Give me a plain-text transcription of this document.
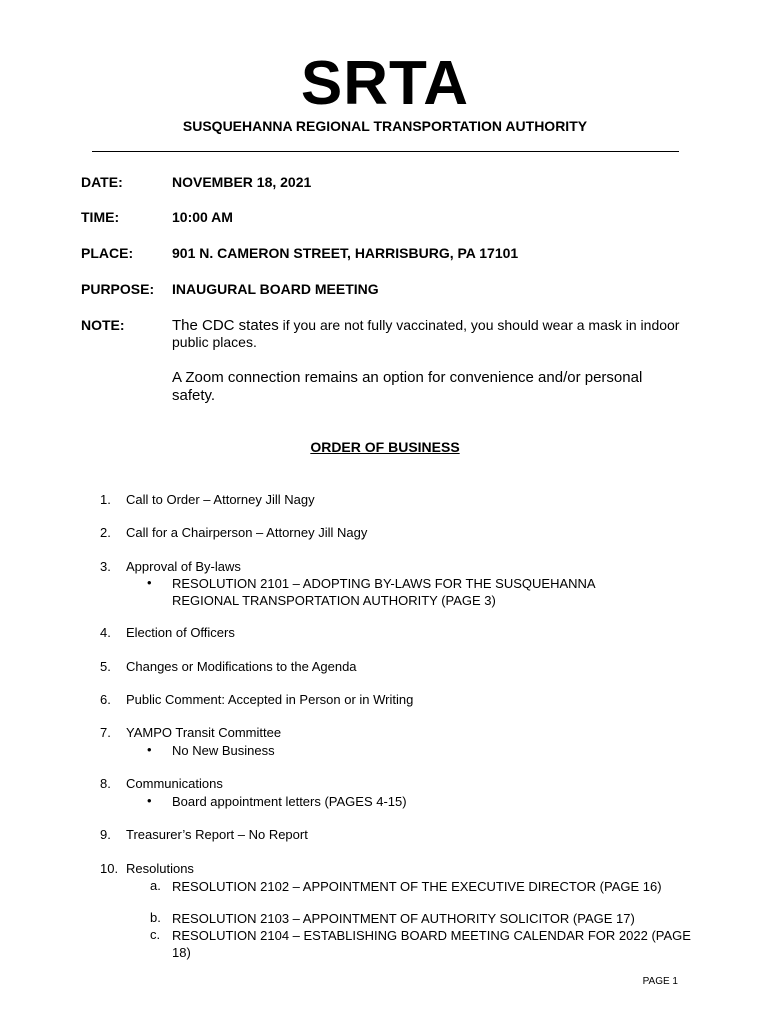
SRTA
SUSQUEHANNA REGIONAL TRANSPORTATION AUTHORITY
DATE:	NOVEMBER 18, 2021
TIME:	10:00 AM
PLACE:	901 N. CAMERON STREET, HARRISBURG, PA 17101
PURPOSE: INAUGURAL BOARD MEETING
NOTE:	The CDC states if you are not fully vaccinated, you should wear a mask in indoor public places.
A Zoom connection remains an option for convenience and/or personal safety.
ORDER OF BUSINESS
1.	Call to Order – Attorney Jill Nagy
2.	Call for a Chairperson – Attorney Jill Nagy
3.	Approval of By-laws
• RESOLUTION 2101 – ADOPTING BY-LAWS FOR THE SUSQUEHANNA REGIONAL TRANSPORTATION AUTHORITY (PAGE 3)
4.	Election of Officers
5.	Changes or Modifications to the Agenda
6.	Public Comment: Accepted in Person or in Writing
7.	YAMPO Transit Committee
• No New Business
8.	Communications
• Board appointment letters (PAGES 4-15)
9.	Treasurer’s Report – No Report
10. Resolutions
a. RESOLUTION 2102 – APPOINTMENT OF THE EXECUTIVE DIRECTOR (PAGE 16)
b. RESOLUTION 2103 – APPOINTMENT OF AUTHORITY SOLICITOR (PAGE 17)
c. RESOLUTION 2104 – ESTABLISHING BOARD MEETING CALENDAR FOR 2022 (PAGE 18)
PAGE 1
